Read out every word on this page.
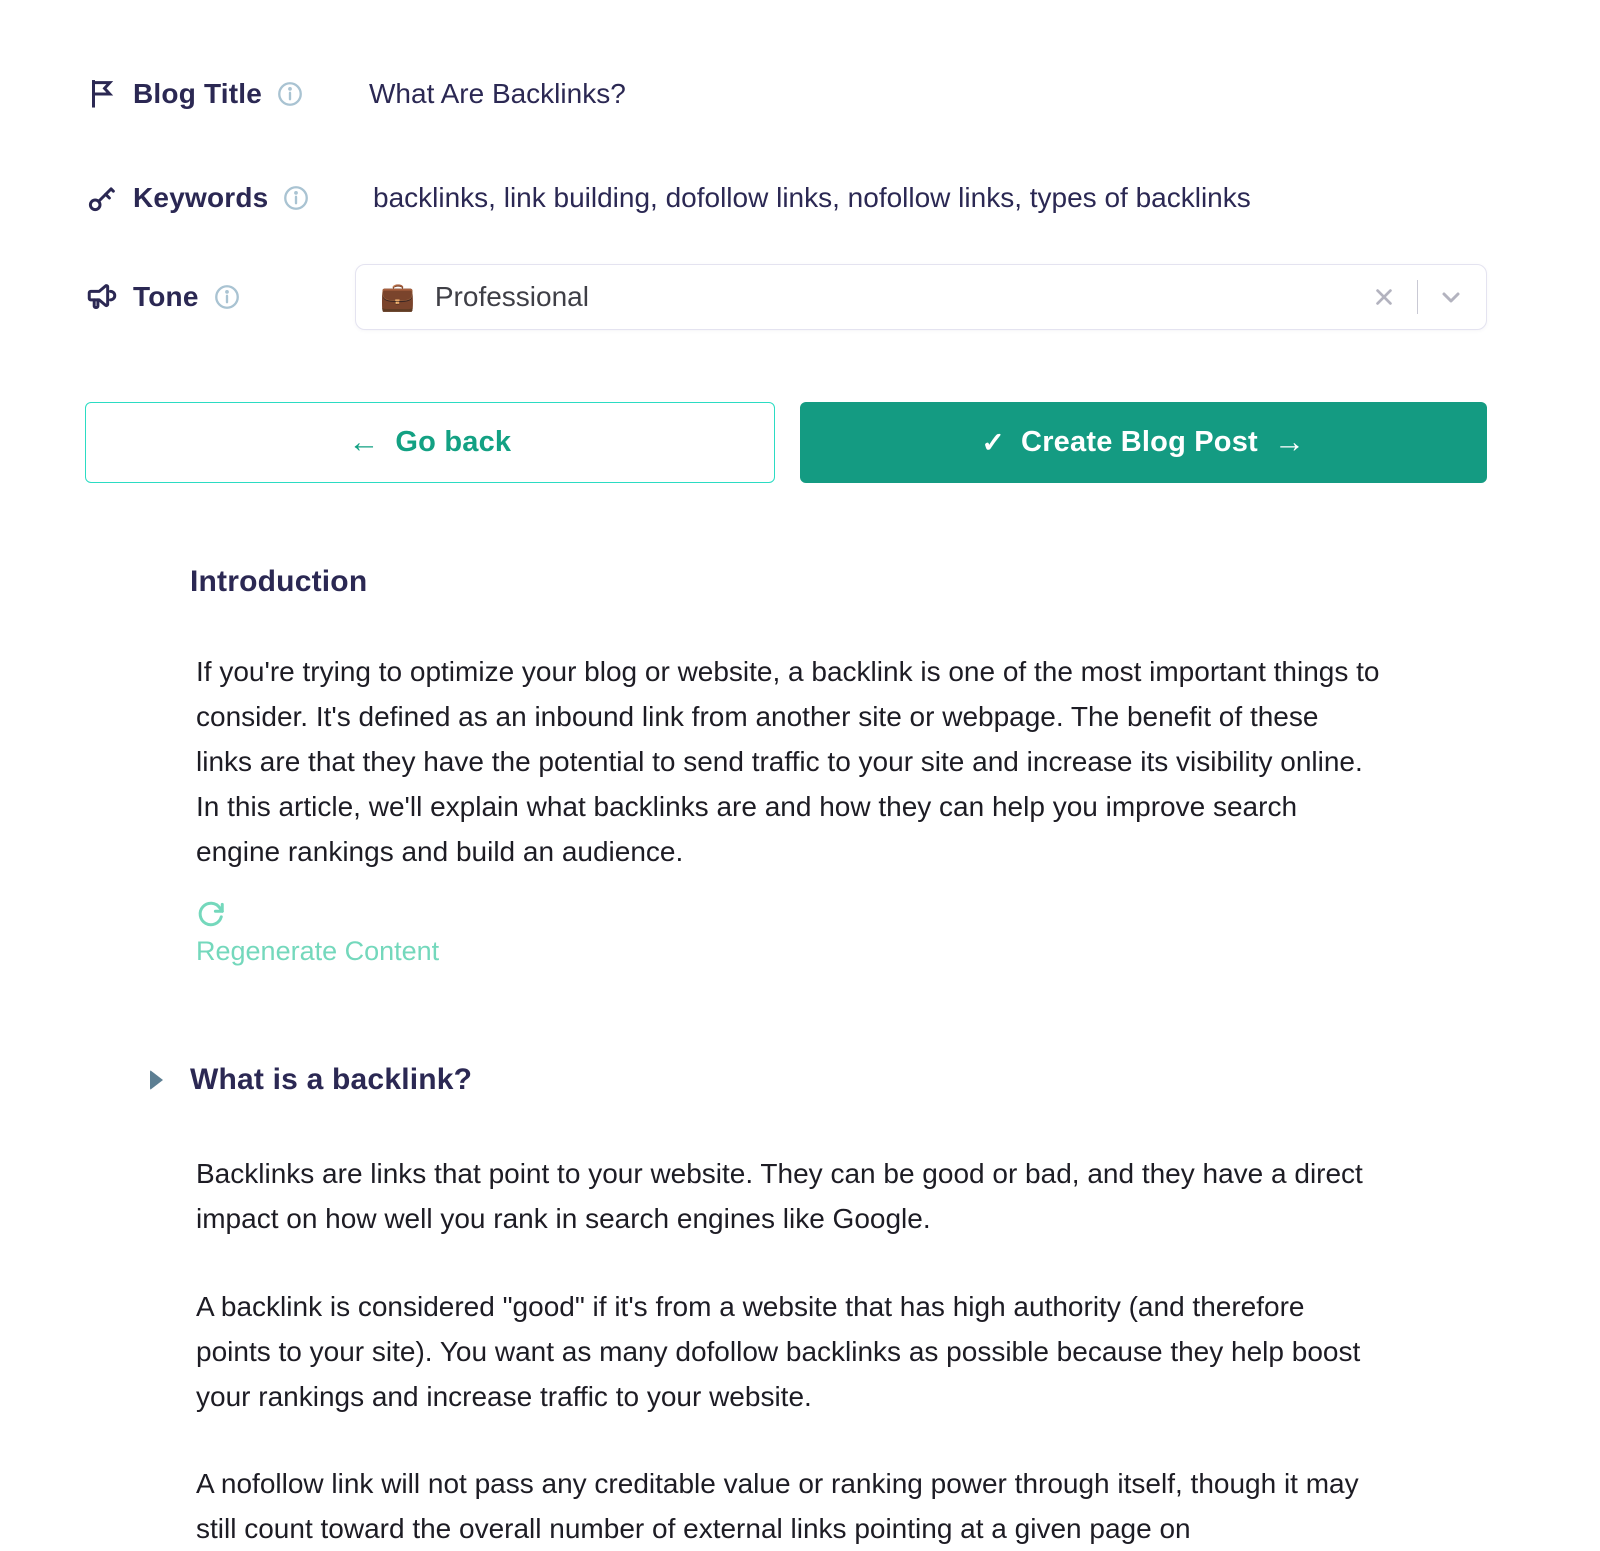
Blog Title	What Are Backlinks?
Keywords	backlinks, link building, dofollow links, nofollow links, types of backlinks
Tone	💼 Professional
← Go back	✓ Create Blog Post →
Introduction

If you're trying to optimize your blog or website, a backlink is one of the most important things to consider. It's defined as an inbound link from another site or webpage. The benefit of these links are that they have the potential to send traffic to your site and increase its visibility online. In this article, we'll explain what backlinks are and how they can help you improve search engine rankings and build an audience.

Regenerate Content
What is a backlink?

Backlinks are links that point to your website. They can be good or bad, and they have a direct impact on how well you rank in search engines like Google.

A backlink is considered "good" if it's from a website that has high authority (and therefore points to your site). You want as many dofollow backlinks as possible because they help boost your rankings and increase traffic to your website.

A nofollow link will not pass any creditable value or ranking power through itself, though it may still count toward the overall number of external links pointing at a given page on
